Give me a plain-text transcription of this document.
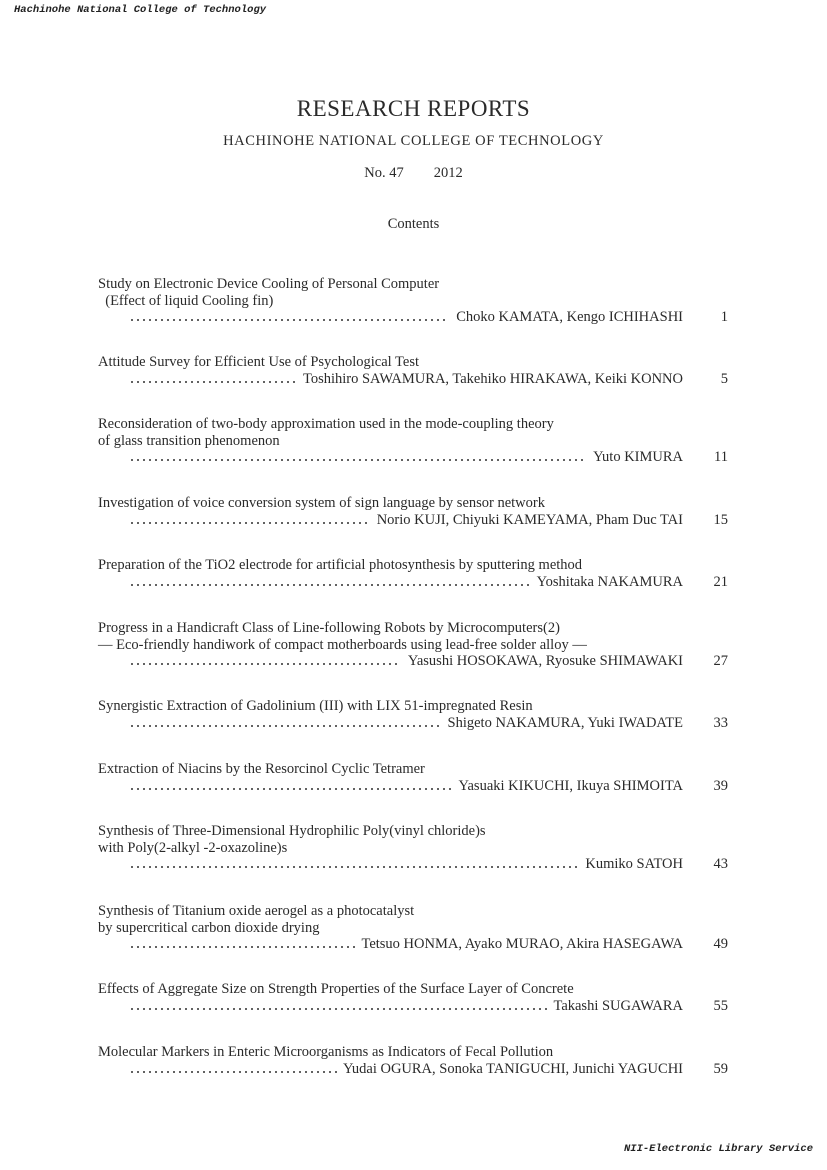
Hachinohe National College of Technology
RESEARCH REPORTS
HACHINOHE NATIONAL COLLEGE OF TECHNOLOGY
No. 47 2012
Contents
Study on Electronic Device Cooling of Personal Computer
(Effect of liquid Cooling fin)
Choko KAMATA, Kengo ICHIHASHI	1
Attitude Survey for Efficient Use of Psychological Test
Toshihiro SAWAMURA, Takehiko HIRAKAWA, Keiki KONNO	5
Reconsideration of two-body approximation used in the mode-coupling theory
of glass transition phenomenon
Yuto KIMURA 11
Investigation of voice conversion system of sign language by sensor network
Norio KUJI, Chiyuki KAMEYAMA, Pham Duc TAI 15
Preparation of the TiO2 electrode for artificial photosynthesis by sputtering method
Yoshitaka NAKAMURA 21
Progress in a Handicraft Class of Line-following Robots by Microcomputers(2)
— Eco-friendly handiwork of compact motherboards using lead-free solder alloy —
Yasushi HOSOKAWA, Ryosuke SHIMAWAKI 27
Synergistic Extraction of Gadolinium (III) with LIX 51-impregnated Resin
Shigeto NAKAMURA, Yuki IWADATE 33
Extraction of Niacins by the Resorcinol Cyclic Tetramer
Yasuaki KIKUCHI, Ikuya SHIMOITA 39
Synthesis of Three-Dimensional Hydrophilic Poly(vinyl chloride)s
with Poly(2-alkyl -2-oxazoline)s
Kumiko SATOH 43
Synthesis of Titanium oxide aerogel as a photocatalyst
by supercritical carbon dioxide drying
Tetsuo HONMA, Ayako MURAO, Akira HASEGAWA 49
Effects of Aggregate Size on Strength Properties of the Surface Layer of Concrete
Takashi SUGAWARA 55
Molecular Markers in Enteric Microorganisms as Indicators of Fecal Pollution
Yudai OGURA, Sonoka TANIGUCHI, Junichi YAGUCHI 59
NII-Electronic Library Service
